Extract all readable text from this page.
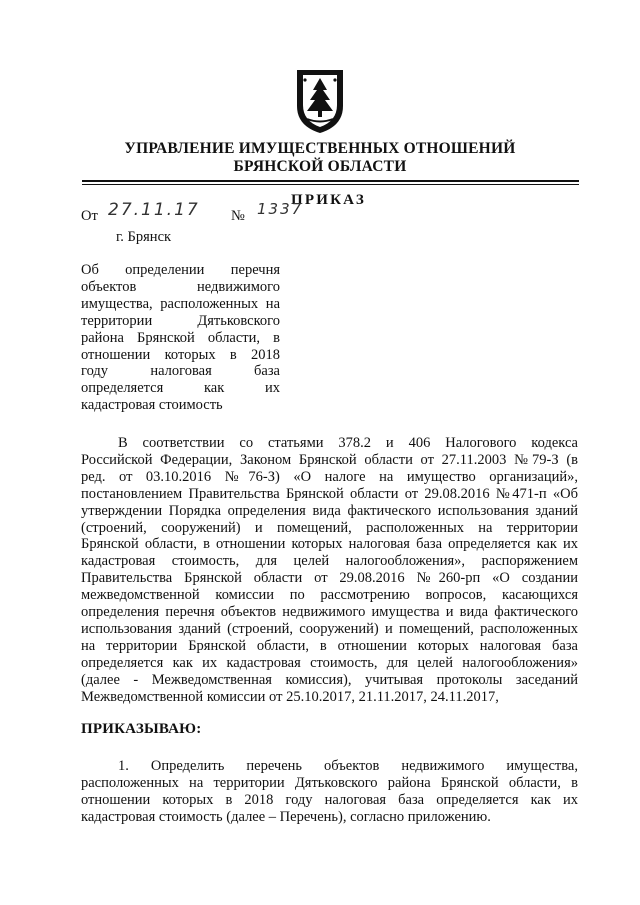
УПРАВЛЕНИЕ ИМУЩЕСТВЕННЫХ ОТНОШЕНИЙ
БРЯНСКОЙ ОБЛАСТИ
ПРИКАЗ
От 27.11.17 № 1337
г. Брянск
Об определении перечня
объектов недвижимого
имущества, расположенных на
территории Дятьковского
района Брянской области, в
отношении которых в 2018
году налоговая база
определяется как их
кадастровая стоимость
В соответствии со статьями 378.2 и 406 Налогового кодекса
Российской Федерации, Законом Брянской области от 27.11.2003 №79-З (в
ред. от 03.10.2016 №76-З) «О налоге на имущество организаций»,
постановлением Правительства Брянской области от 29.08.2016 №471-п «Об
утверждении Порядка определения вида фактического использования зданий
(строений, сооружений) и помещений, расположенных на территории
Брянской области, в отношении которых налоговая база определяется как их
кадастровая стоимость, для целей налогообложения», распоряжением
Правительства Брянской области от 29.08.2016 №260-рп «О создании
межведомственной комиссии по рассмотрению вопросов, касающихся
определения перечня объектов недвижимого имущества и вида фактического
использования зданий (строений, сооружений) и помещений, расположенных
на территории Брянской области, в отношении которых налоговая база
определяется как их кадастровая стоимость, для целей налогообложения»
(далее - Межведомственная комиссия), учитывая протоколы заседаний
Межведомственной комиссии от 25.10.2017, 21.11.2017, 24.11.2017,
ПРИКАЗЫВАЮ:
1. Определить перечень объектов недвижимого имущества,
расположенных на территории Дятьковского района Брянской области, в
отношении которых в 2018 году налоговая база определяется как их
кадастровая стоимость (далее – Перечень), согласно приложению.
